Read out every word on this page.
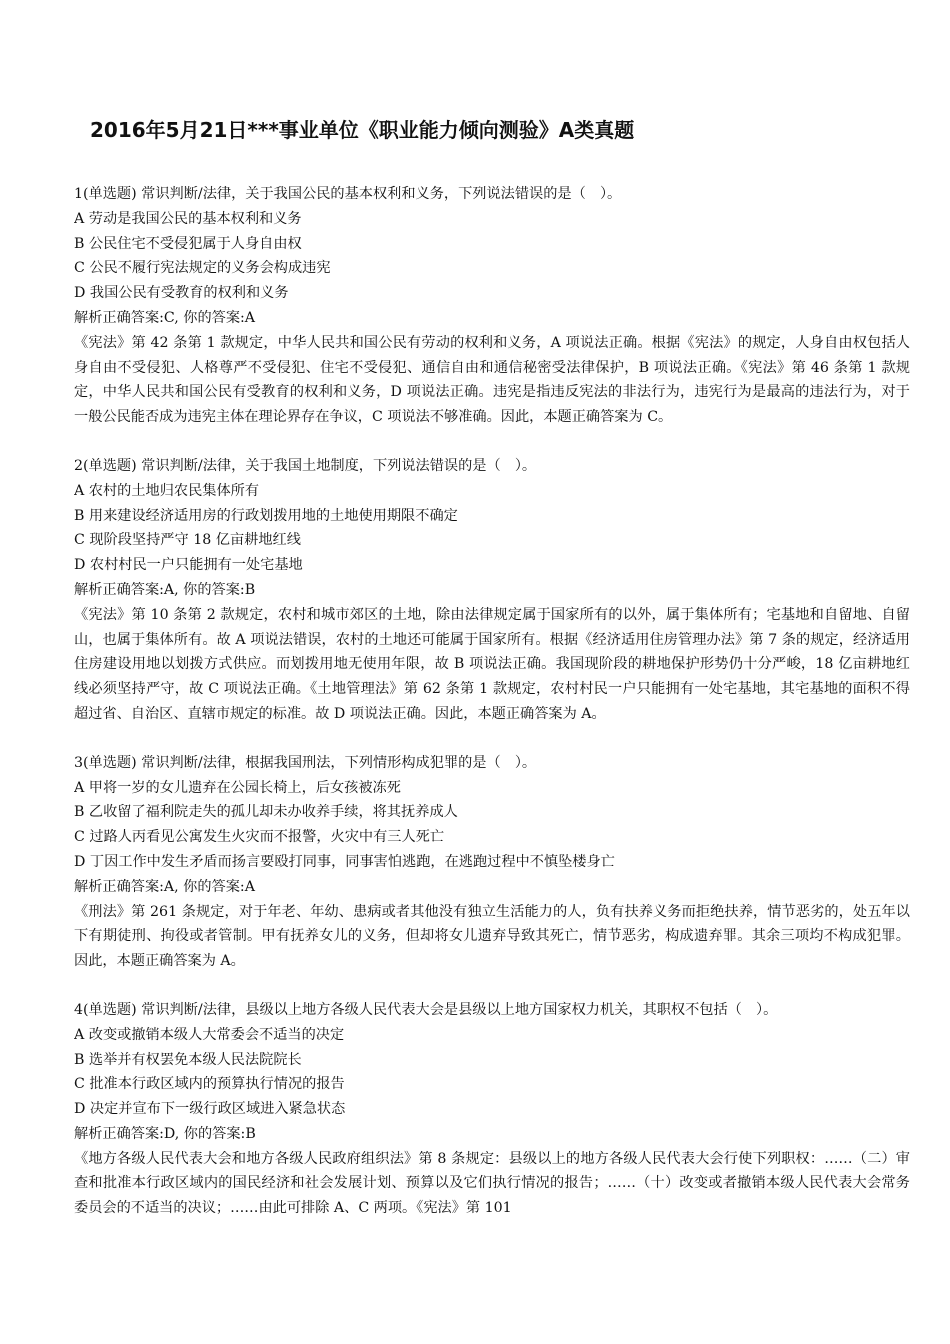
2016年5月21日***事业单位《职业能力倾向测验》A类真题
1(单选题) 常识判断/法律，关于我国公民的基本权利和义务，下列说法错误的是（　）。
A 劳动是我国公民的基本权利和义务
B 公民住宅不受侵犯属于人身自由权
C 公民不履行宪法规定的义务会构成违宪
D 我国公民有受教育的权利和义务
解析正确答案:C, 你的答案:A

《宪法》第 42 条第 1 款规定，中华人民共和国公民有劳动的权利和义务，A 项说法正确。根据《宪法》的规定，人身自由权包括人身自由不受侵犯、人格尊严不受侵犯、住宅不受侵犯、通信自由和通信秘密受法律保护，B 项说法正确。《宪法》第 46 条第 1 款规定，中华人民共和国公民有受教育的权利和义务，D 项说法正确。违宪是指违反宪法的非法行为，违宪行为是最高的违法行为，对于一般公民能否成为违宪主体在理论界存在争议，C 项说法不够准确。因此，本题正确答案为 C。

2(单选题) 常识判断/法律，关于我国土地制度，下列说法错误的是（　）。
A 农村的土地归农民集体所有
B 用来建设经济适用房的行政划拨用地的土地使用期限不确定
C 现阶段坚持严守 18 亿亩耕地红线
D 农村村民一户只能拥有一处宅基地
解析正确答案:A, 你的答案:B

《宪法》第 10 条第 2 款规定，农村和城市郊区的土地，除由法律规定属于国家所有的以外，属于集体所有；宅基地和自留地、自留山，也属于集体所有。故 A 项说法错误，农村的土地还可能属于国家所有。根据《经济适用住房管理办法》第 7 条的规定，经济适用住房建设用地以划拨方式供应。而划拨用地无使用年限，故 B 项说法正确。我国现阶段的耕地保护形势仍十分严峻，18 亿亩耕地红线必须坚持严守，故 C 项说法正确。《土地管理法》第 62 条第 1 款规定，农村村民一户只能拥有一处宅基地，其宅基地的面积不得超过省、自治区、直辖市规定的标准。故 D 项说法正确。因此，本题正确答案为 A。

3(单选题) 常识判断/法律，根据我国刑法，下列情形构成犯罪的是（　）。
A 甲将一岁的女儿遗弃在公园长椅上，后女孩被冻死
B 乙收留了福利院走失的孤儿却未办收养手续，将其抚养成人
C 过路人丙看见公寓发生火灾而不报警，火灾中有三人死亡
D 丁因工作中发生矛盾而扬言要殴打同事，同事害怕逃跑，在逃跑过程中不慎坠楼身亡
解析正确答案:A, 你的答案:A

《刑法》第 261 条规定，对于年老、年幼、患病或者其他没有独立生活能力的人，负有扶养义务而拒绝扶养，情节恶劣的，处五年以下有期徒刑、拘役或者管制。甲有抚养女儿的义务，但却将女儿遗弃导致其死亡，情节恶劣，构成遗弃罪。其余三项均不构成犯罪。因此，本题正确答案为 A。

4(单选题) 常识判断/法律，县级以上地方各级人民代表大会是县级以上地方国家权力机关，其职权不包括（　）。
A 改变或撤销本级人大常委会不适当的决定
B 选举并有权罢免本级人民法院院长
C 批准本行政区域内的预算执行情况的报告
D 决定并宣布下一级行政区域进入紧急状态
解析正确答案:D, 你的答案:B

《地方各级人民代表大会和地方各级人民政府组织法》第 8 条规定：县级以上的地方各级人民代表大会行使下列职权：……（二）审查和批准本行政区域内的国民经济和社会发展计划、预算以及它们执行情况的报告；……（十）改变或者撤销本级人民代表大会常务委员会的不适当的决议；……由此可排除 A、C 两项。《宪法》第 101
